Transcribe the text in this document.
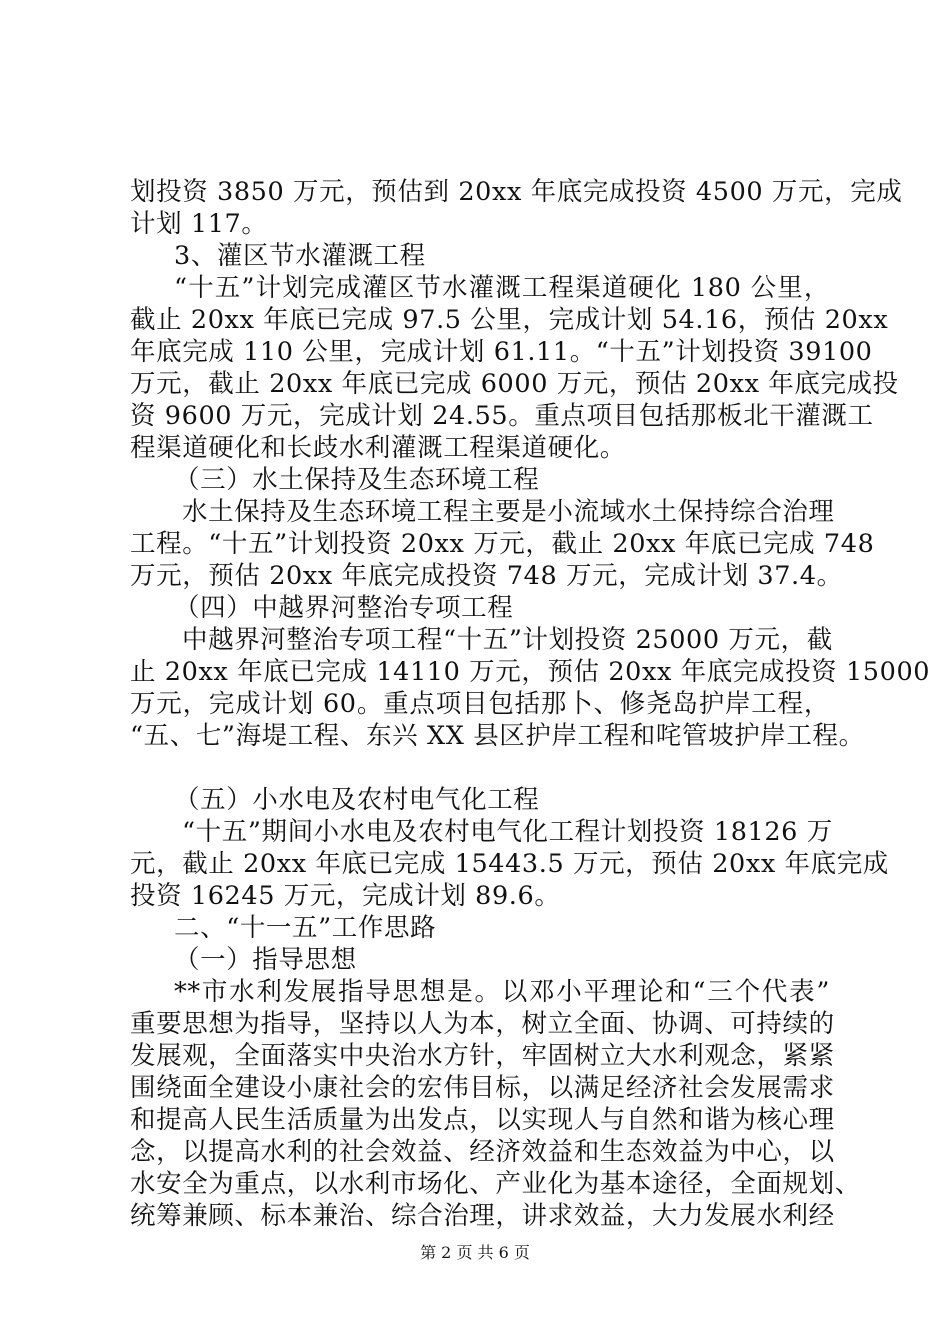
划投资 3850 万元，预估到 20xx 年底完成投资 4500 万元，完成
计划 117。
3、灌区节水灌溉工程
“十五”计划完成灌区节水灌溉工程渠道硬化 180 公里，
截止 20xx 年底已完成 97.5 公里，完成计划 54.16，预估 20xx
年底完成 110 公里，完成计划 61.11。“十五”计划投资 39100
万元，截止 20xx 年底已完成 6000 万元，预估 20xx 年底完成投
资 9600 万元，完成计划 24.55。重点项目包括那板北干灌溉工
程渠道硬化和长歧水利灌溉工程渠道硬化。
（三）水土保持及生态环境工程
水土保持及生态环境工程主要是小流域水土保持综合治理
工程。“十五”计划投资 20xx 万元，截止 20xx 年底已完成 748
万元，预估 20xx 年底完成投资 748 万元，完成计划 37.4。
（四）中越界河整治专项工程
中越界河整治专项工程“十五”计划投资 25000 万元，截
止 20xx 年底已完成 14110 万元，预估 20xx 年底完成投资 15000
万元，完成计划 60。重点项目包括那卜、修尧岛护岸工程，
“五、七”海堤工程、东兴 XX 县区护岸工程和咤管坡护岸工程。
（五）小水电及农村电气化工程
“十五”期间小水电及农村电气化工程计划投资 18126 万
元，截止 20xx 年底已完成 15443.5 万元，预估 20xx 年底完成
投资 16245 万元，完成计划 89.6。
二、“十一五”工作思路
（一）指导思想
**市水利发展指导思想是。以邓小平理论和“三个代表”
重要思想为指导，坚持以人为本，树立全面、协调、可持续的
发展观，全面落实中央治水方针，牢固树立大水利观念，紧紧
围绕面全建设小康社会的宏伟目标，以满足经济社会发展需求
和提高人民生活质量为出发点，以实现人与自然和谐为核心理
念，以提高水利的社会效益、经济效益和生态效益为中心，以
水安全为重点，以水利市场化、产业化为基本途径，全面规划、
统筹兼顾、标本兼治、综合治理，讲求效益，大力发展水利经
第 2 页 共 6 页
